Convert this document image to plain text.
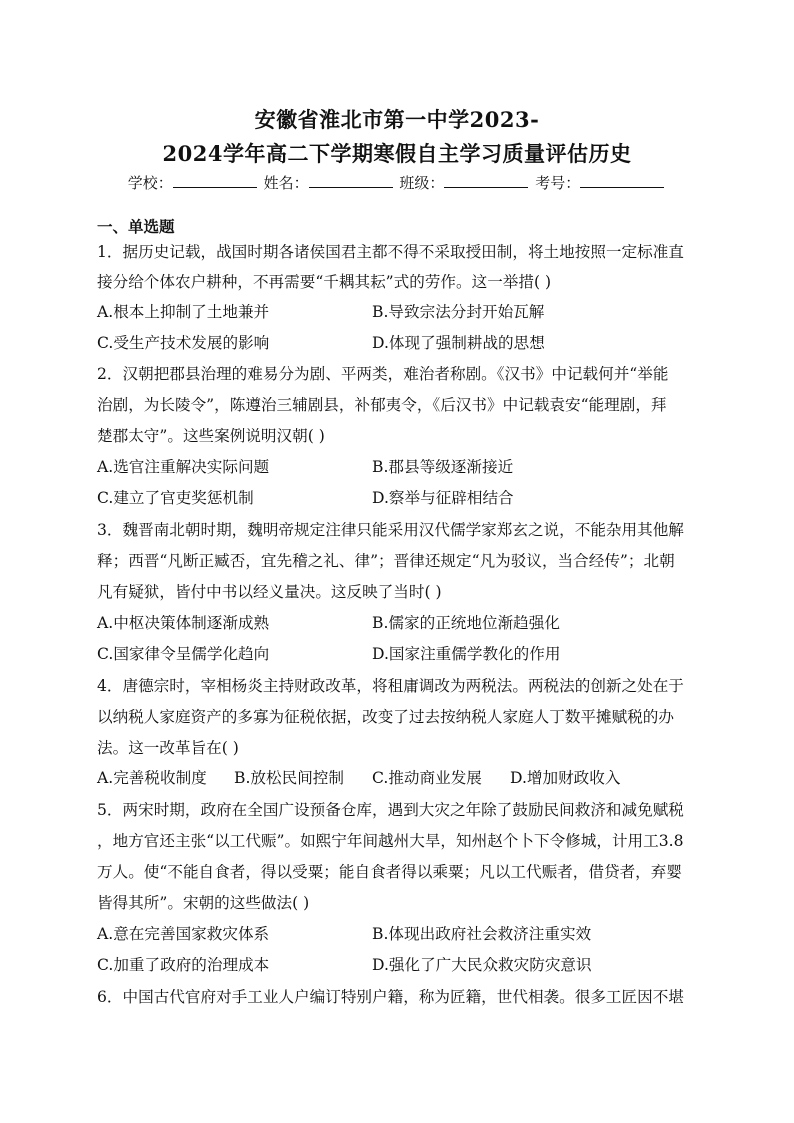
安徽省淮北市第一中学2023-
2024学年高二下学期寒假自主学习质量评估历史
学校：	姓名：	班级：	考号：
一、单选题
1．据历史记载，战国时期各诸侯国君主都不得不采取授田制，将土地按照一定标准直
接分给个体农户耕种，不再需要“千耦其耘”式的劳作。这一举措( )
A.根本上抑制了土地兼并	B.导致宗法分封开始瓦解
C.受生产技术发展的影响	D.体现了强制耕战的思想
2．汉朝把郡县治理的难易分为剧、平两类，难治者称剧。《汉书》中记载何并“举能
治剧，为长陵令”，陈遵治三辅剧县，补郁夷令，《后汉书》中记载袁安“能理剧，拜
楚郡太守”。这些案例说明汉朝( )
A.选官注重解决实际问题	B.郡县等级逐渐接近
C.建立了官吏奖惩机制	D.察举与征辟相结合
3．魏晋南北朝时期，魏明帝规定注律只能采用汉代儒学家郑玄之说，不能杂用其他解
释；西晋“凡断正臧否，宜先稽之礼、律”；晋律还规定“凡为驳议，当合经传”；北朝
凡有疑狱，皆付中书以经义量决。这反映了当时( )
A.中枢决策体制逐渐成熟	B.儒家的正统地位渐趋强化
C.国家律令呈儒学化趋向	D.国家注重儒学教化的作用
4．唐德宗时，宰相杨炎主持财政改革，将租庸调改为两税法。两税法的创新之处在于
以纳税人家庭资产的多寡为征税依据，改变了过去按纳税人家庭人丁数平摊赋税的办
法。这一改革旨在( )
A.完善税收制度 B.放松民间控制 C.推动商业发展 D.增加财政收入
5．两宋时期，政府在全国广设预备仓库，遇到大灾之年除了鼓励民间救济和减免赋税
，地方官还主张“以工代赈”。如熙宁年间越州大旱，知州赵个卜下令修城，计用工3.8
万人。使“不能自食者，得以受粟；能自食者得以乘粟；凡以工代赈者，借贷者，弃婴
皆得其所”。宋朝的这些做法( )
A.意在完善国家救灾体系	B.体现出政府社会救济注重实效
C.加重了政府的治理成本	D.强化了广大民众救灾防灾意识
6．中国古代官府对手工业人户编订特别户籍，称为匠籍，世代相袭。很多工匠因不堪
